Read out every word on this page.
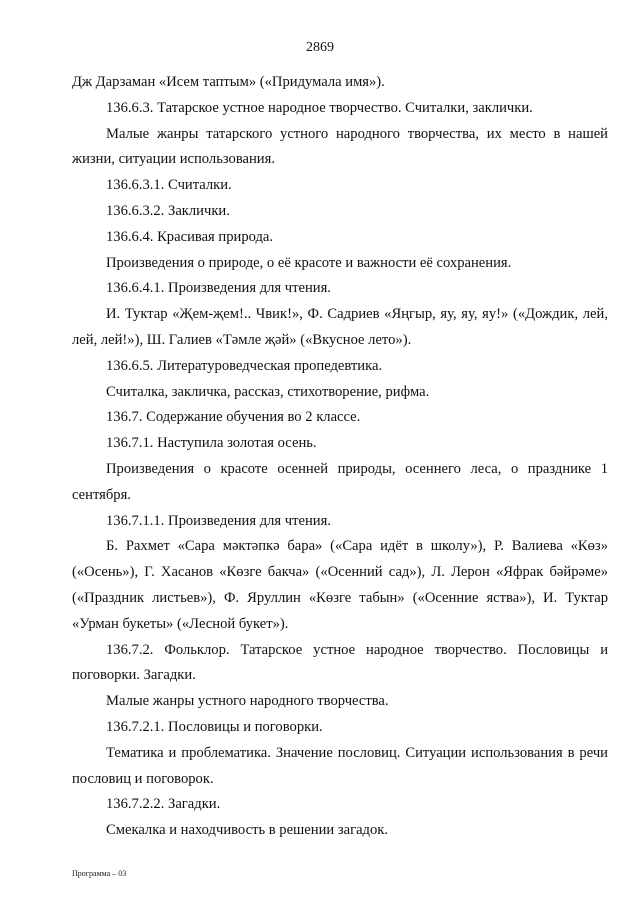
2869

Дж Дарзаман «Исем таптым» («Придумала имя»).

136.6.3. Татарское устное народное творчество. Считалки, заклички.

Малые жанры татарского устного народного творчества, их место в нашей жизни, ситуации использования.

136.6.3.1. Считалки.

136.6.3.2. Заклички.

136.6.4. Красивая природа.

Произведения о природе, о её красоте и важности её сохранения.

136.6.4.1. Произведения для чтения.

И. Туктар «Җем-җем!.. Чвик!», Ф. Садриев «Яңгыр, яу, яу, яу!» («Дождик, лей, лей, лей!»), Ш. Галиев «Тәмле җәй» («Вкусное лето»).

136.6.5. Литературоведческая пропедевтика.

Считалка, закличка, рассказ, стихотворение, рифма.

136.7. Содержание обучения во 2 классе.

136.7.1. Наступила золотая осень.

Произведения о красоте осенней природы, осеннего леса, о празднике 1 сентября.

136.7.1.1. Произведения для чтения.

Б. Рахмет «Сара мәктәпкә бара» («Сара идёт в школу»), Р. Валиева «Көз» («Осень»), Г. Хасанов «Көзге бакча» («Осенний сад»), Л. Лерон «Яфрак бәйрәме» («Праздник листьев»), Ф. Яруллин «Көзге табын» («Осенние яства»), И. Туктар «Урман букеты» («Лесной букет»).

136.7.2. Фольклор. Татарское устное народное творчество. Пословицы и поговорки. Загадки.

Малые жанры устного народного творчества.

136.7.2.1. Пословицы и поговорки.

Тематика и проблематика. Значение пословиц. Ситуации использования в речи пословиц и поговорок.

136.7.2.2. Загадки.

Смекалка и находчивость в решении загадок.

Программа – 03
